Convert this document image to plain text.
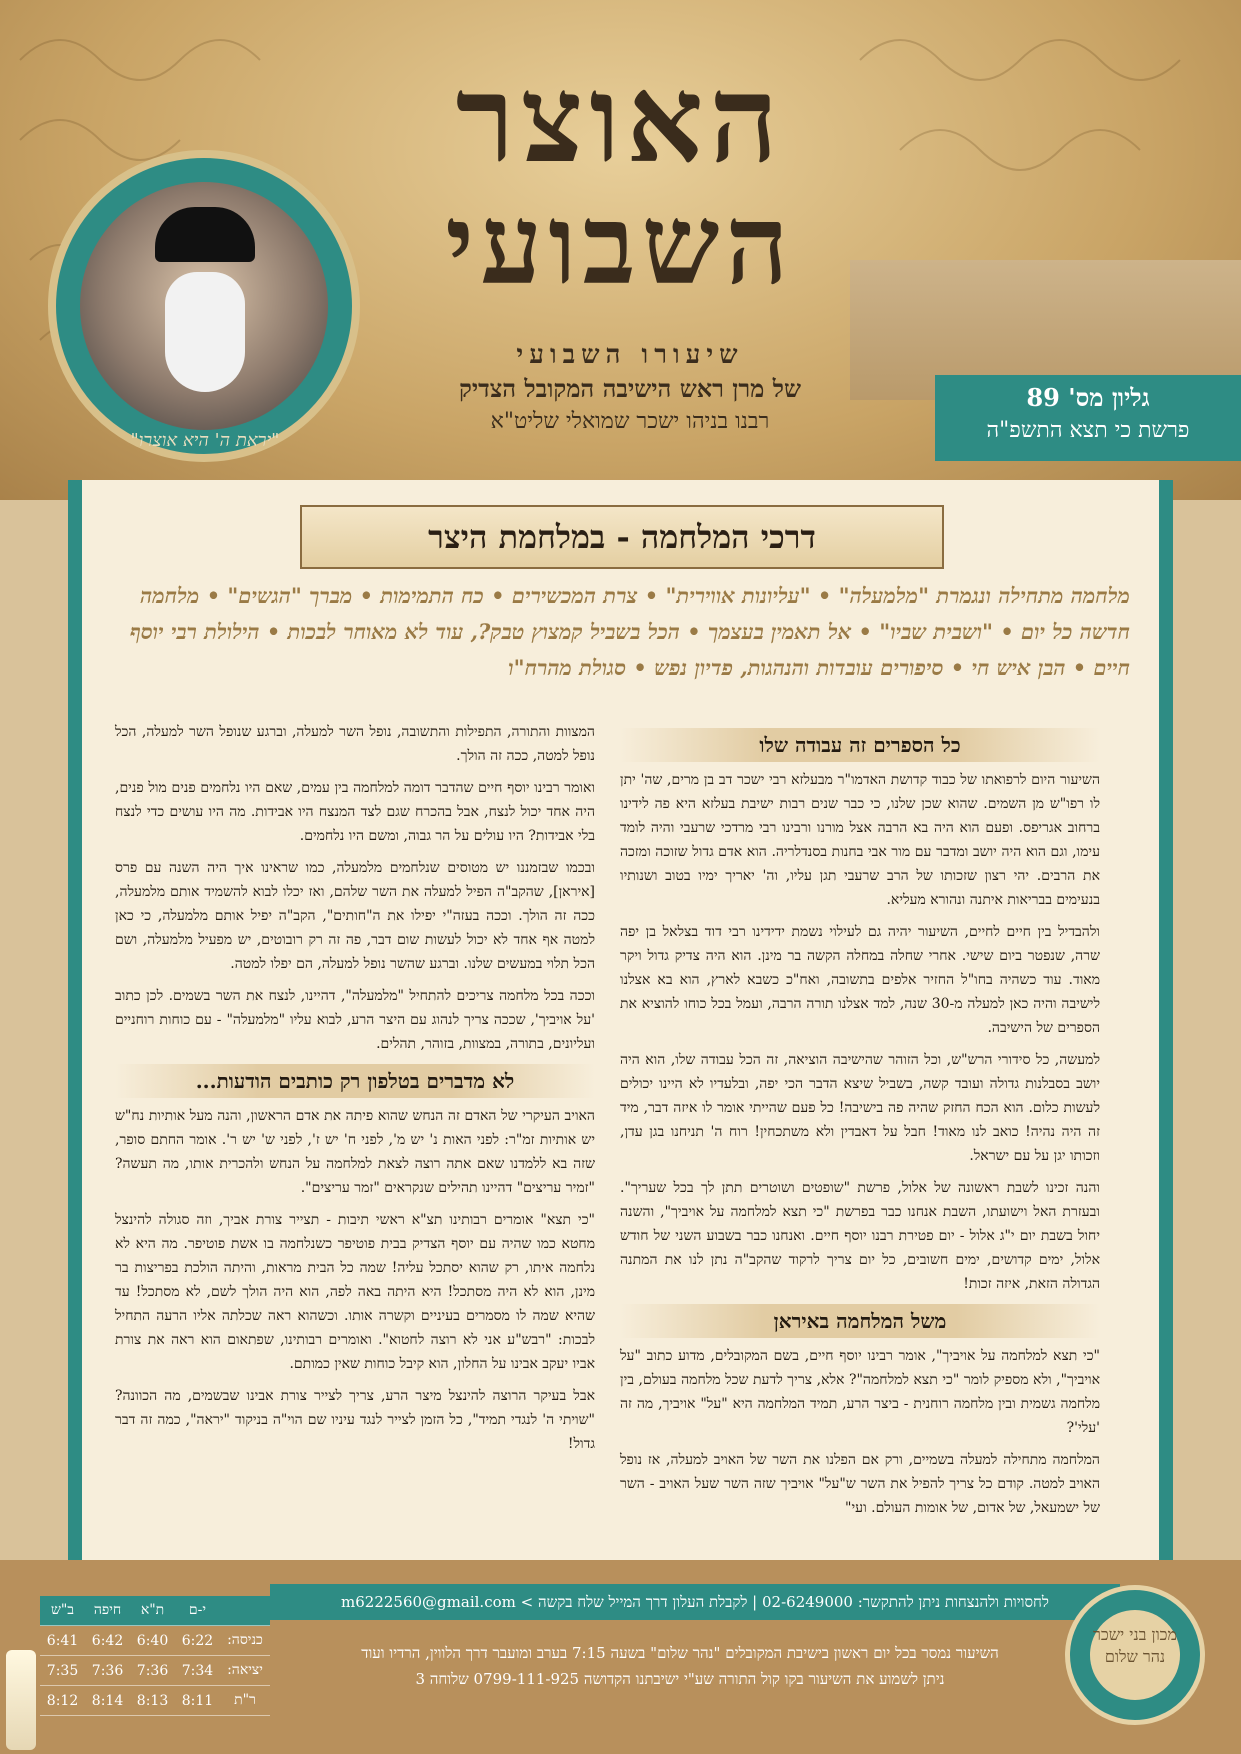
"יראת ה' היא אוצרו"
האוצר
השבועי
שיעורו השבועי
של מרן ראש הישיבה המקובל הצדיק
רבנו בניהו ישכר שמואלי שליט"א
גליון מס' 89
פרשת כי תצא התשפ"ה
דרכי המלחמה - במלחמת היצר
מלחמה מתחילה ונגמרת "מלמעלה" • "עליונות אווירית" • צרת המכשירים • כח התמימות • מברך "הגשים" • מלחמה חדשה כל יום • "ושבית שביו" • אל תאמין בעצמך • הכל בשביל קמצוץ טבק?, עוד לא מאוחר לבכות • הילולת רבי יוסף חיים • הבן איש חי • סיפורים עובדות והנהגות, פדיון נפש • סגולת מהרח"ו
כל הספרים זה עבודה שלו

השיעור היום לרפואתו של כבוד קדושת האדמו"ר מבעלזא רבי ישכר דב בן מרים, שה' יתן לו רפו"ש מן השמים. שהוא שכן שלנו, כי כבר שנים רבות ישיבת בעלזא היא פה לידינו ברחוב אגריפס. ופעם הוא היה בא הרבה אצל מורנו ורבינו רבי מרדכי שרעבי והיה לומד עימו, וגם הוא היה יושב ומדבר עם מור אבי בחנות בסנדלריה. הוא אדם גדול שזוכה ומזכה את הרבים. יהי רצון שזכותו של הרב שרעבי תגן עליו, וה' יאריך ימיו בטוב ושנותיו בנעימים בבריאות איתנה ונהורא מעליא.

ולהבדיל בין חיים לחיים, השיעור יהיה גם לעילוי נשמת ידידינו רבי דוד בצלאל בן יפה שרה, שנפטר ביום שישי. אחרי שחלה במחלה הקשה בר מינן. הוא היה צדיק גדול ויקר מאוד. עוד כשהיה בחו"ל החזיר אלפים בתשובה, ואח"כ כשבא לארץ, הוא בא אצלנו לישיבה והיה כאן למעלה מ-30 שנה, למד אצלנו תורה הרבה, ועמל בכל כוחו להוציא את הספרים של הישיבה.

למעשה, כל סידורי הרש"ש, וכל הזוהר שהישיבה הוציאה, זה הכל עבודה שלו, הוא היה יושב בסבלנות גדולה ועובד קשה, בשביל שיצא הדבר הכי יפה, ובלעדיו לא היינו יכולים לעשות כלום. הוא הכח החזק שהיה פה בישיבה! כל פעם שהייתי אומר לו איזה דבר, מיד זה היה נהיה! כואב לנו מאוד! חבל על דאבדין ולא משתכחין! רוח ה' תניחנו בגן עדן, וזכותו יגן על עם ישראל.

והנה זכינו לשבת ראשונה של אלול, פרשת "שופטים ושוטרים תתן לך בכל שעריך". ובעזרת האל וישועתו, השבת אנחנו כבר בפרשת "כי תצא למלחמה על אויביך", והשנה יחול בשבת יום י"ג אלול - יום פטירת רבנו יוסף חיים. ואנחנו כבר בשבוע השני של חודש אלול, ימים קדושים, ימים חשובים, כל יום צריך לרקוד שהקב"ה נתן לנו את המתנה הגדולה הזאת, איזה זכות!

משל המלחמה באיראן

"כי תצא למלחמה על אויביך", אומר רבינו יוסף חיים, בשם המקובלים, מדוע כתוב "על אויביך", ולא מספיק לומר "כי תצא למלחמה"? אלא, צריך לדעת שכל מלחמה בעולם, בין מלחמה גשמית ובין מלחמה רוחנית - ביצר הרע, תמיד המלחמה היא "על" אויביך, מה זה 'עלי'?

המלחמה מתחילה למעלה בשמיים, ורק אם הפלנו את השר של האויב למעלה, אז נופל האויב למטה. קודם כל צריך להפיל את השר ש"על" אויביך שזה השר שעל האויב - השר של ישמעאל, של אדום, של אומות העולם. ועי"

המצוות והתורה, התפילות והתשובה, נופל השר למעלה, וברגע שנופל השר למעלה, הכל נופל למטה, ככה זה הולך.

ואומר רבינו יוסף חיים שהדבר דומה למלחמה בין עמים, שאם היו נלחמים פנים מול פנים, היה אחד יכול לנצח, אבל בהכרח שגם לצד המנצח היו אבידות. מה היו עושים כדי לנצח בלי אבידות? היו עולים על הר גבוה, ומשם היו נלחמים.

ובכמו שבזמננו יש מטוסים שנלחמים מלמעלה, כמו שראינו איך היה השנה עם פרס [איראן], שהקב"ה הפיל למעלה את השר שלהם, ואז יכלו לבוא להשמיד אותם מלמעלה, ככה זה הולך. וככה בעזה"י יפילו את ה"חותים", הקב"ה יפיל אותם מלמעלה, כי כאן למטה אף אחד לא יכול לעשות שום דבר, פה זה רק רובוטים, יש מפעיל מלמעלה, ושם הכל תלוי במעשים שלנו. וברגע שהשר נופל למעלה, הם יפלו למטה.

וככה בכל מלחמה צריכים להתחיל "מלמעלה", דהיינו, לנצח את השר בשמים. לכן כתוב 'על אויביך', שככה צריך לנהוג עם היצר הרע, לבוא עליו "מלמעלה" - עם כוחות רוחניים ועליונים, בתורה, במצוות, בזוהר, תהלים.

לא מדברים בטלפון רק כותבים הודעות...

האויב העיקרי של האדם זה הנחש שהוא פיתה את אדם הראשון, והנה מעל אותיות נח"ש יש אותיות זמ"ר: לפני האות נ' יש מ', לפני ח' יש ז', לפני ש' יש ר'. אומר החתם סופר, שזה בא ללמדנו שאם אתה רוצה לצאת למלחמה על הנחש ולהכרית אותו, מה תעשה? "זמיר עריצים" דהיינו תהילים שנקראים "זמר עריצים".

"כי תצא" אומרים רבותינו תצ"א ראשי תיבות - תצייר צורת אביך, וזה סגולה להינצל מחטא כמו שהיה עם יוסף הצדיק בבית פוטיפר כשנלחמה בו אשת פוטיפר. מה היא לא נלחמה איתו, רק שהוא יסתכל עליה! שמה כל הבית מראות, והיתה הולכת בפריצות בר מינן, הוא לא היה מסתכל! היא היתה באה לפה, הוא היה הולך לשם, לא מסתכל! עד שהיא שמה לו מסמרים בעיניים וקשרה אותו. וכשהוא ראה שכלתה אליו הרעה התחיל לבכות: "רבש"ע אני לא רוצה לחטוא". ואומרים רבותינו, שפתאום הוא ראה את צורת אביו יעקב אבינו על החלון, הוא קיבל כוחות שאין כמותם.

אבל בעיקר הרוצה להינצל מיצר הרע, צריך לצייר צורת אבינו שבשמים, מה הכוונה? "שויתי ה' לנגדי תמיד", כל הזמן לצייר לנגד עיניו שם הוי"ה בניקוד "יראה", כמה זה דבר גדול!

לחסויות ולהנצחות ניתן להתקשר: 02-6249000 | לקבלת העלון דרך המייל שלח בקשה > m6222560@gmail.com
השיעור נמסר בכל יום ראשון בישיבת המקובלים "נהר שלום" בשעה 7:15 בערב ומועבר דרך הלווין, הרדיו ועוד
ניתן לשמוע את השיעור בקו קול התורה שע"י ישיבתנו הקדושה 0799-111-925 שלוחה 3
מכון בני ישכר
נהר שלום
	י-ם	ת"א	חיפה	ב"ש
כניסה:	6:22	6:40	6:42	6:41
יציאה:	7:34	7:36	7:36	7:35
ר"ת	8:11	8:13	8:14	8:12
